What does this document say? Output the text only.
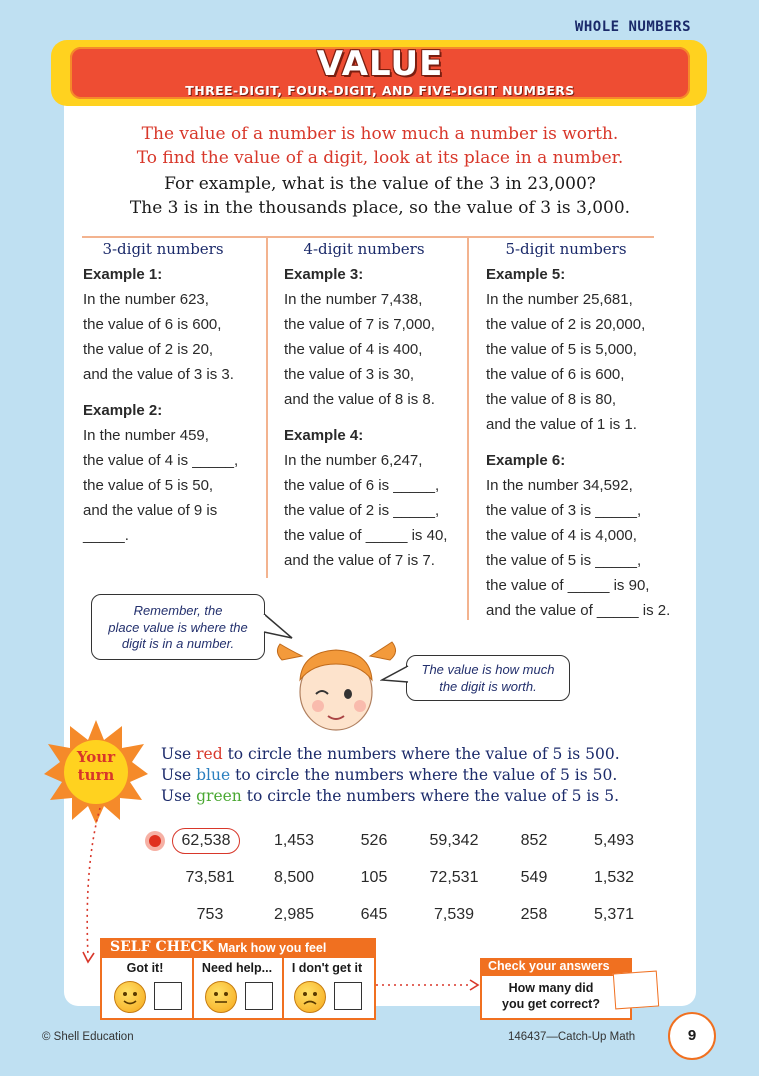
WHOLE NUMBERS
VALUE
THREE-DIGIT, FOUR-DIGIT, AND FIVE-DIGIT NUMBERS
The value of a number is how much a number is worth.
To find the value of a digit, look at its place in a number.
For example, what is the value of the 3 in 23,000?
The 3 is in the thousands place, so the value of 3 is 3,000.
3-digit numbers
Example 1:
In the number 623,
the value of 6 is 600,
the value of 2 is 20,
and the value of 3 is 3.
Example 2:
In the number 459,
the value of 4 is _____,
the value of 5 is 50,
and the value of 9 is
_____.
4-digit numbers
Example 3:
In the number 7,438,
the value of 7 is 7,000,
the value of 4 is 400,
the value of 3 is 30,
and the value of 8 is 8.
Example 4:
In the number 6,247,
the value of 6 is _____,
the value of 2 is _____,
the value of _____ is 40,
and the value of 7 is 7.
5-digit numbers
Example 5:
In the number 25,681,
the value of 2 is 20,000,
the value of 5 is 5,000,
the value of 6 is 600,
the value of 8 is 80,
and the value of 1 is 1.
Example 6:
In the number 34,592,
the value of 3 is _____,
the value of 4 is 4,000,
the value of 5 is _____,
the value of _____ is 90,
and the value of _____ is 2.
Remember, the
place value is where the
digit is in a number.
The value is how much
the digit is worth.
Your
turn
Use red to circle the numbers where the value of 5 is 500.
Use blue to circle the numbers where the value of 5 is 50.
Use green to circle the numbers where the value of 5 is 5.
62,538	1,453	526	59,342	852	5,493
73,581	8,500	105	72,531	549	1,532
753	2,985	645	7,539	258	5,371
SELF CHECK Mark how you feel
Got it!	Need help...	I don't get it	Check your answers
How many did
you get correct?
© Shell Education	146437—Catch-Up Math	9
